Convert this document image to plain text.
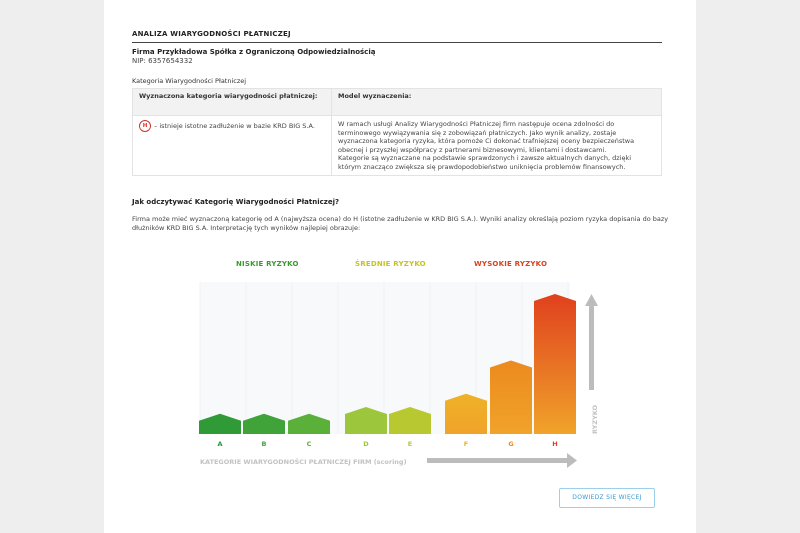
ANALIZA WIARYGODNOŚCI PŁATNICZEJ
Firma Przykładowa Spółka z Ograniczoną Odpowiedzialnością
NIP: 6357654332
Kategoria Wiarygodności Płatniczej
Wyznaczona kategoria wiarygodności płatniczej:	Model wyznaczenia:
H – istnieje istotne zadłużenie w bazie KRD BIG S.A.	W ramach usługi Analizy Wiarygodności Płatniczej firm następuje ocena zdolności do terminowego wywiązywania się z zobowiązań płatniczych. Jako wynik analizy, zostaje wyznaczona kategoria ryzyka, która pomoże Ci dokonać trafniejszej oceny bezpieczeństwa obecnej i przyszłej współpracy z partnerami biznesowymi, klientami i dostawcami. Kategorie są wyznaczane na podstawie sprawdzonych i zawsze aktualnych danych, dzięki którym znacząco zwiększa się prawdopodobieństwo uniknięcia problemów finansowych.
Jak odczytywać Kategorię Wiarygodności Płatniczej?
Firma może mieć wyznaczoną kategorię od A (najwyższa ocena) do H (istotne zadłużenie w KRD BIG S.A.). Wyniki analizy określają poziom ryzyka dopisania do bazy dłużników KRD BIG S.A. Interpretację tych wyników najlepiej obrazuje:
NISKIE RYZYKO	ŚREDNIE RYZYKO	WYSOKIE RYZYKO
A	B	C	D	E	F	G	H
KATEGORIE WIARYGODNOŚCI PŁATNICZEJ FIRM (scoring)
RYZYKO
DOWIEDZ SIĘ WIĘCEJ
